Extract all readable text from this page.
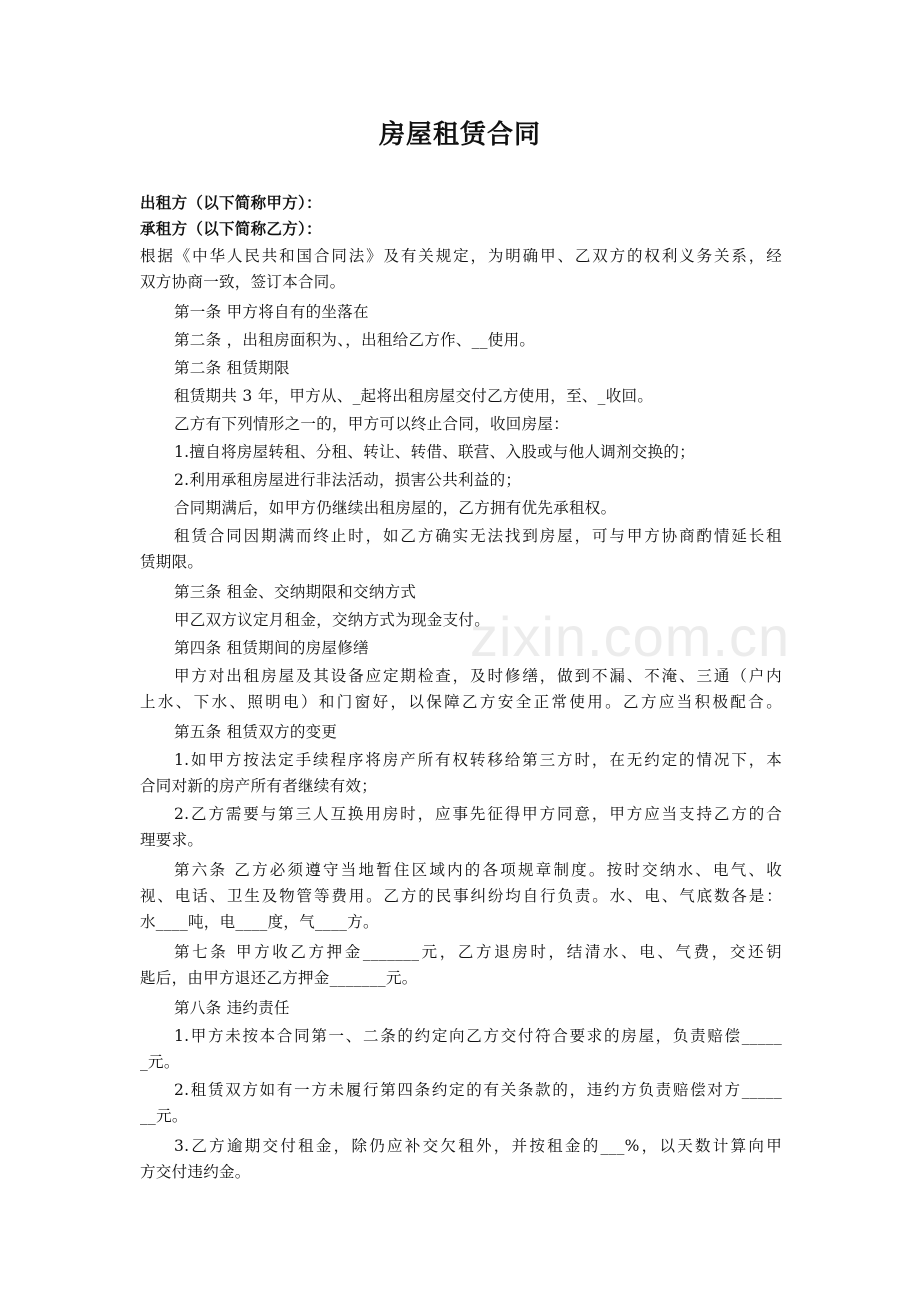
房屋租赁合同
出租方（以下简称甲方）：
承租方（以下简称乙方）：
根据《中华人民共和国合同法》及有关规定，为明确甲、乙双方的权利义务关系，经
双方协商一致，签订本合同。
第一条 甲方将自有的坐落在
第二条 ，出租房面积为、，出租给乙方作、__使用。
第二条 租赁期限
租赁期共 3 年，甲方从、_起将出租房屋交付乙方使用，至、_收回。
乙方有下列情形之一的，甲方可以终止合同，收回房屋：
1.擅自将房屋转租、分租、转让、转借、联营、入股或与他人调剂交换的；
2.利用承租房屋进行非法活动，损害公共利益的；
合同期满后，如甲方仍继续出租房屋的，乙方拥有优先承租权。
租赁合同因期满而终止时，如乙方确实无法找到房屋，可与甲方协商酌情延长租
赁期限。
第三条 租金、交纳期限和交纳方式
甲乙双方议定月租金，交纳方式为现金支付。
第四条 租赁期间的房屋修缮
甲方对出租房屋及其设备应定期检查，及时修缮，做到不漏、不淹、三通（户内
上水、下水、照明电）和门窗好，以保障乙方安全正常使用。乙方应当积极配合。
第五条 租赁双方的变更
1.如甲方按法定手续程序将房产所有权转移给第三方时，在无约定的情况下，本
合同对新的房产所有者继续有效；
2.乙方需要与第三人互换用房时，应事先征得甲方同意，甲方应当支持乙方的合
理要求。
第六条 乙方必须遵守当地暂住区域内的各项规章制度。按时交纳水、电气、收
视、电话、卫生及物管等费用。乙方的民事纠纷均自行负责。水、电、气底数各是：
水____吨，电____度，气____方。
第七条 甲方收乙方押金_______元，乙方退房时，结清水、电、气费，交还钥
匙后，由甲方退还乙方押金_______元。
第八条 违约责任
1.甲方未按本合同第一、二条的约定向乙方交付符合要求的房屋，负责赔偿_____
_元。
2.租赁双方如有一方未履行第四条约定的有关条款的，违约方负责赔偿对方_____
__元。
3.乙方逾期交付租金，除仍应补交欠租外，并按租金的___%，以天数计算向甲
方交付违约金。
zixin.com.cn
